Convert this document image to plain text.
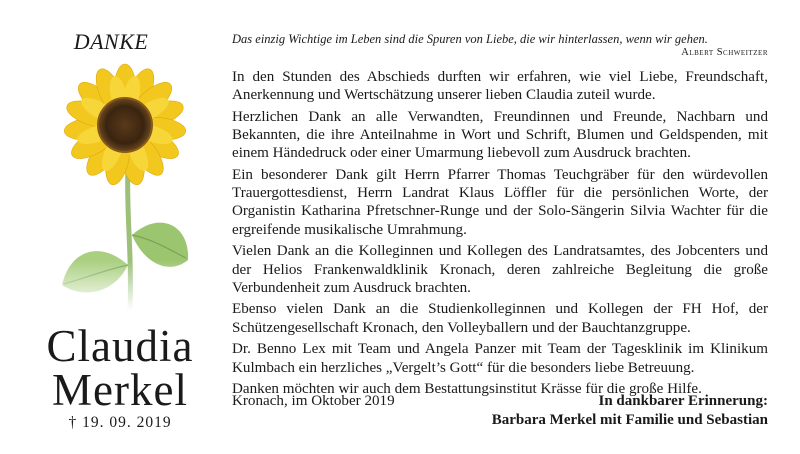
DANKE
Claudia
Merkel
† 19. 09. 2019
Das einzig Wichtige im Leben sind die Spuren von Liebe, die wir hinterlassen, wenn wir gehen.
Albert Schweitzer

In den Stunden des Abschieds durften wir erfahren, wie viel Liebe, Freundschaft, Anerkennung und Wertschätzung unserer lieben Claudia zuteil wurde.

Herzlichen Dank an alle Verwandten, Freundinnen und Freunde, Nachbarn und Bekannten, die ihre Anteilnahme in Wort und Schrift, Blumen und Geldspenden, mit einem Händedruck oder einer Umarmung liebevoll zum Ausdruck brachten.

Ein besonderer Dank gilt Herrn Pfarrer Thomas Teuchgräber für den würdevollen Trauergottesdienst, Herrn Landrat Klaus Löffler für die persönlichen Worte, der Organistin Katharina Pfretschner-Runge und der Solo-Sängerin Silvia Wachter für die ergreifende musikalische Umrahmung.

Vielen Dank an die Kolleginnen und Kollegen des Landratsamtes, des Jobcenters und der Helios Frankenwaldklinik Kronach, deren zahlreiche Begleitung die große Verbundenheit zum Ausdruck brachten.

Ebenso vielen Dank an die Studienkolleginnen und Kollegen der FH Hof, der Schützengesellschaft Kronach, den Volleyballern und der Bauchtanzgruppe.

Dr. Benno Lex mit Team und Angela Panzer mit Team der Tagesklinik im Klinikum Kulmbach ein herzliches „Vergelt’s Gott“ für die besonders liebe Betreuung.

Danken möchten wir auch dem Bestattungsinstitut Krässe für die große Hilfe.

Kronach, im Oktober 2019	In dankbarer Erinnerung:
Barbara Merkel mit Familie und Sebastian
